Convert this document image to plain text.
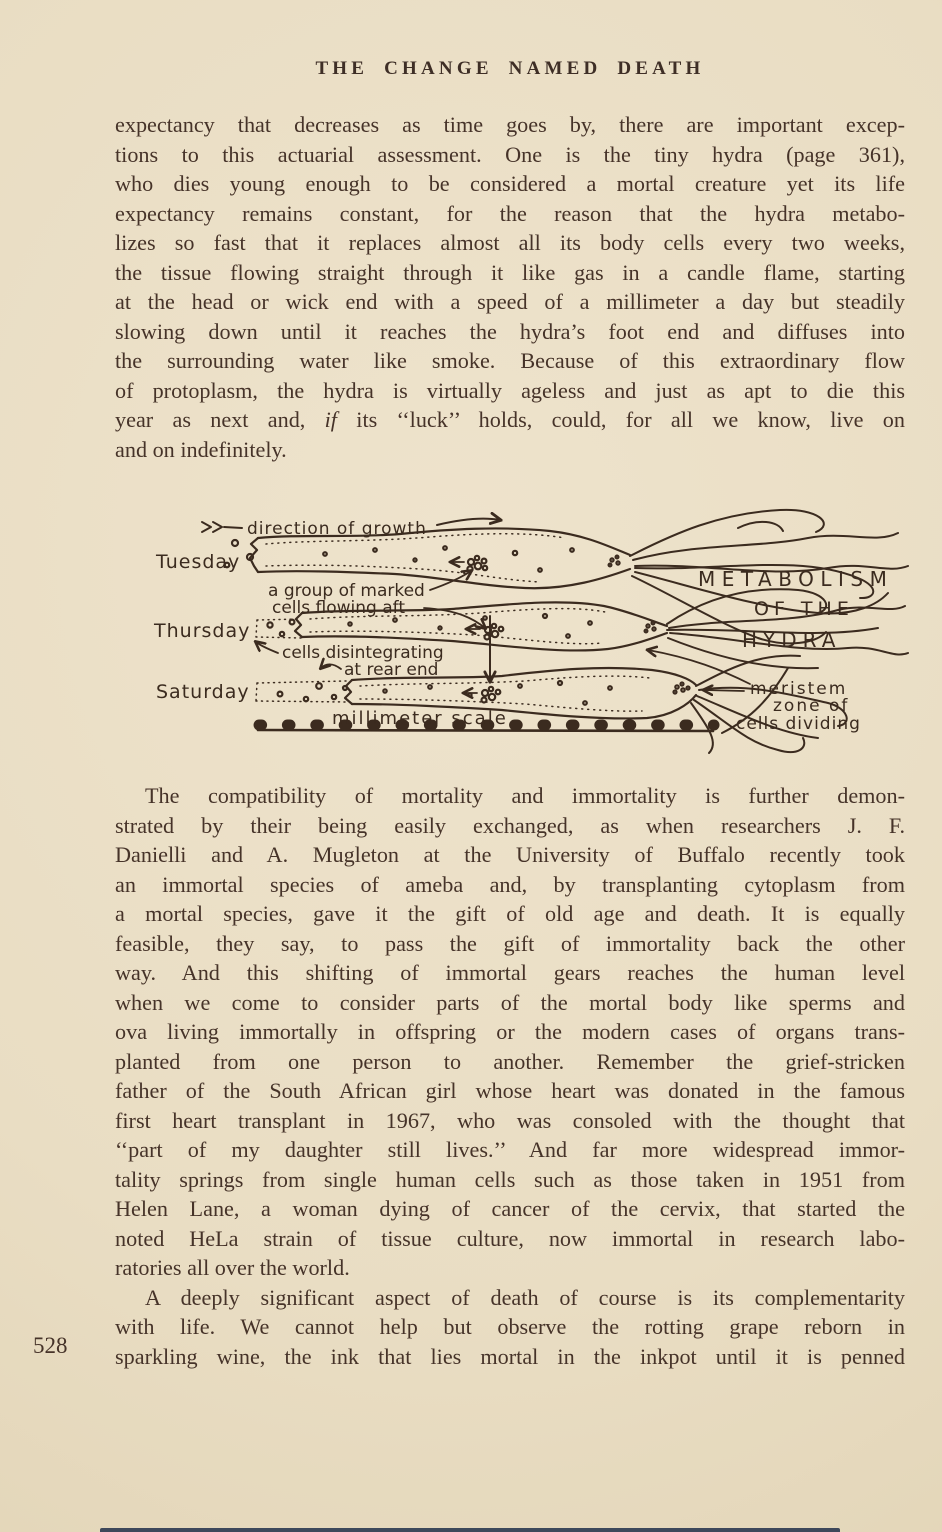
THE CHANGE NAMED DEATH
expectancy that decreases as time goes by, there are important excep-
tions to this actuarial assessment. One is the tiny hydra (page 361),
who dies young enough to be considered a mortal creature yet its life
expectancy remains constant, for the reason that the hydra metabo-
lizes so fast that it replaces almost all its body cells every two weeks,
the tissue flowing straight through it like gas in a candle flame, starting
at the head or wick end with a speed of a millimeter a day but steadily
slowing down until it reaches the hydra’s foot end and diffuses into
the surrounding water like smoke. Because of this extraordinary flow
of protoplasm, the hydra is virtually ageless and just as apt to die this
year as next and, if its ‘‘luck’’ holds, could, for all we know, live on
and on indefinitely.
direction of growth
Tuesday
a group of marked
cells flowing aft
Thursday
cells disintegrating
at rear end
Saturday
millimeter scale
METABOLISM
OF THE
HYDRA
meristem
zone of
cells dividing
The compatibility of mortality and immortality is further demon-
strated by their being easily exchanged, as when researchers J. F.
Danielli and A. Mugleton at the University of Buffalo recently took
an immortal species of ameba and, by transplanting cytoplasm from
a mortal species, gave it the gift of old age and death. It is equally
feasible, they say, to pass the gift of immortality back the other
way. And this shifting of immortal gears reaches the human level
when we come to consider parts of the mortal body like sperms and
ova living immortally in offspring or the modern cases of organs trans-
planted from one person to another. Remember the grief-stricken
father of the South African girl whose heart was donated in the famous
first heart transplant in 1967, who was consoled with the thought that
‘‘part of my daughter still lives.’’ And far more widespread immor-
tality springs from single human cells such as those taken in 1951 from
Helen Lane, a woman dying of cancer of the cervix, that started the
noted HeLa strain of tissue culture, now immortal in research labo-
ratories all over the world.
A deeply significant aspect of death of course is its complementarity
with life. We cannot help but observe the rotting grape reborn in
sparkling wine, the ink that lies mortal in the inkpot until it is penned
528
